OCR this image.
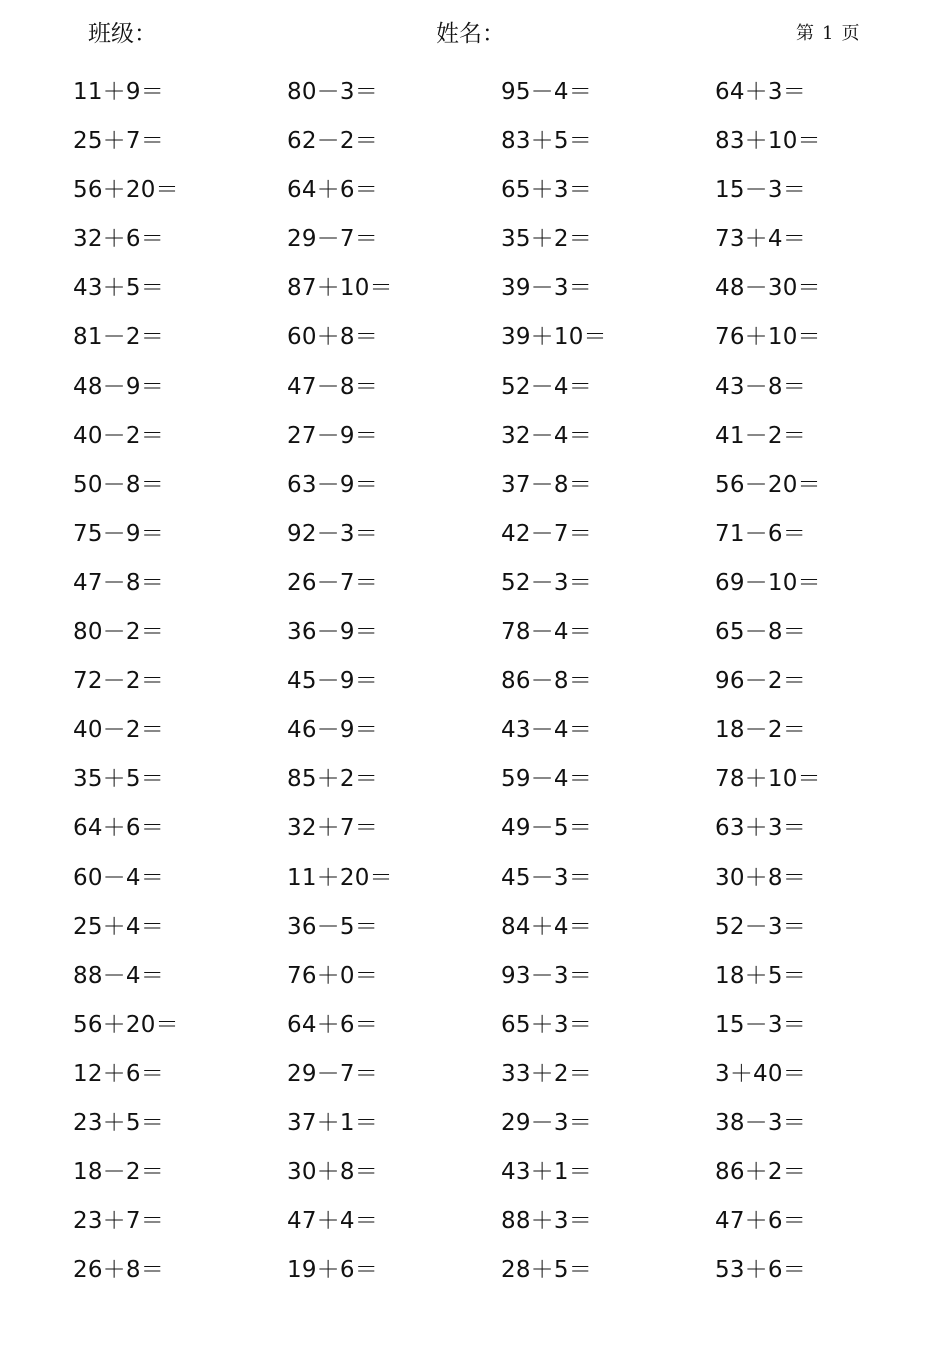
班级：	姓名：	第 1 页
11＋9＝	80－3＝	95－4＝	64＋3＝
25＋7＝	62－2＝	83＋5＝	83＋10＝
56＋20＝	64＋6＝	65＋3＝	15－3＝
32＋6＝	29－7＝	35＋2＝	73＋4＝
43＋5＝	87＋10＝	39－3＝	48－30＝
81－2＝	60＋8＝	39＋10＝	76＋10＝
48－9＝	47－8＝	52－4＝	43－8＝
40－2＝	27－9＝	32－4＝	41－2＝
50－8＝	63－9＝	37－8＝	56－20＝
75－9＝	92－3＝	42－7＝	71－6＝
47－8＝	26－7＝	52－3＝	69－10＝
80－2＝	36－9＝	78－4＝	65－8＝
72－2＝	45－9＝	86－8＝	96－2＝
40－2＝	46－9＝	43－4＝	18－2＝
35＋5＝	85＋2＝	59－4＝	78＋10＝
64＋6＝	32＋7＝	49－5＝	63＋3＝
60－4＝	11＋20＝	45－3＝	30＋8＝
25＋4＝	36－5＝	84＋4＝	52－3＝
88－4＝	76＋0＝	93－3＝	18＋5＝
56＋20＝	64＋6＝	65＋3＝	15－3＝
12＋6＝	29－7＝	33＋2＝	3＋40＝
23＋5＝	37＋1＝	29－3＝	38－3＝
18－2＝	30＋8＝	43＋1＝	86＋2＝
23＋7＝	47＋4＝	88＋3＝	47＋6＝
26＋8＝	19＋6＝	28＋5＝	53＋6＝
